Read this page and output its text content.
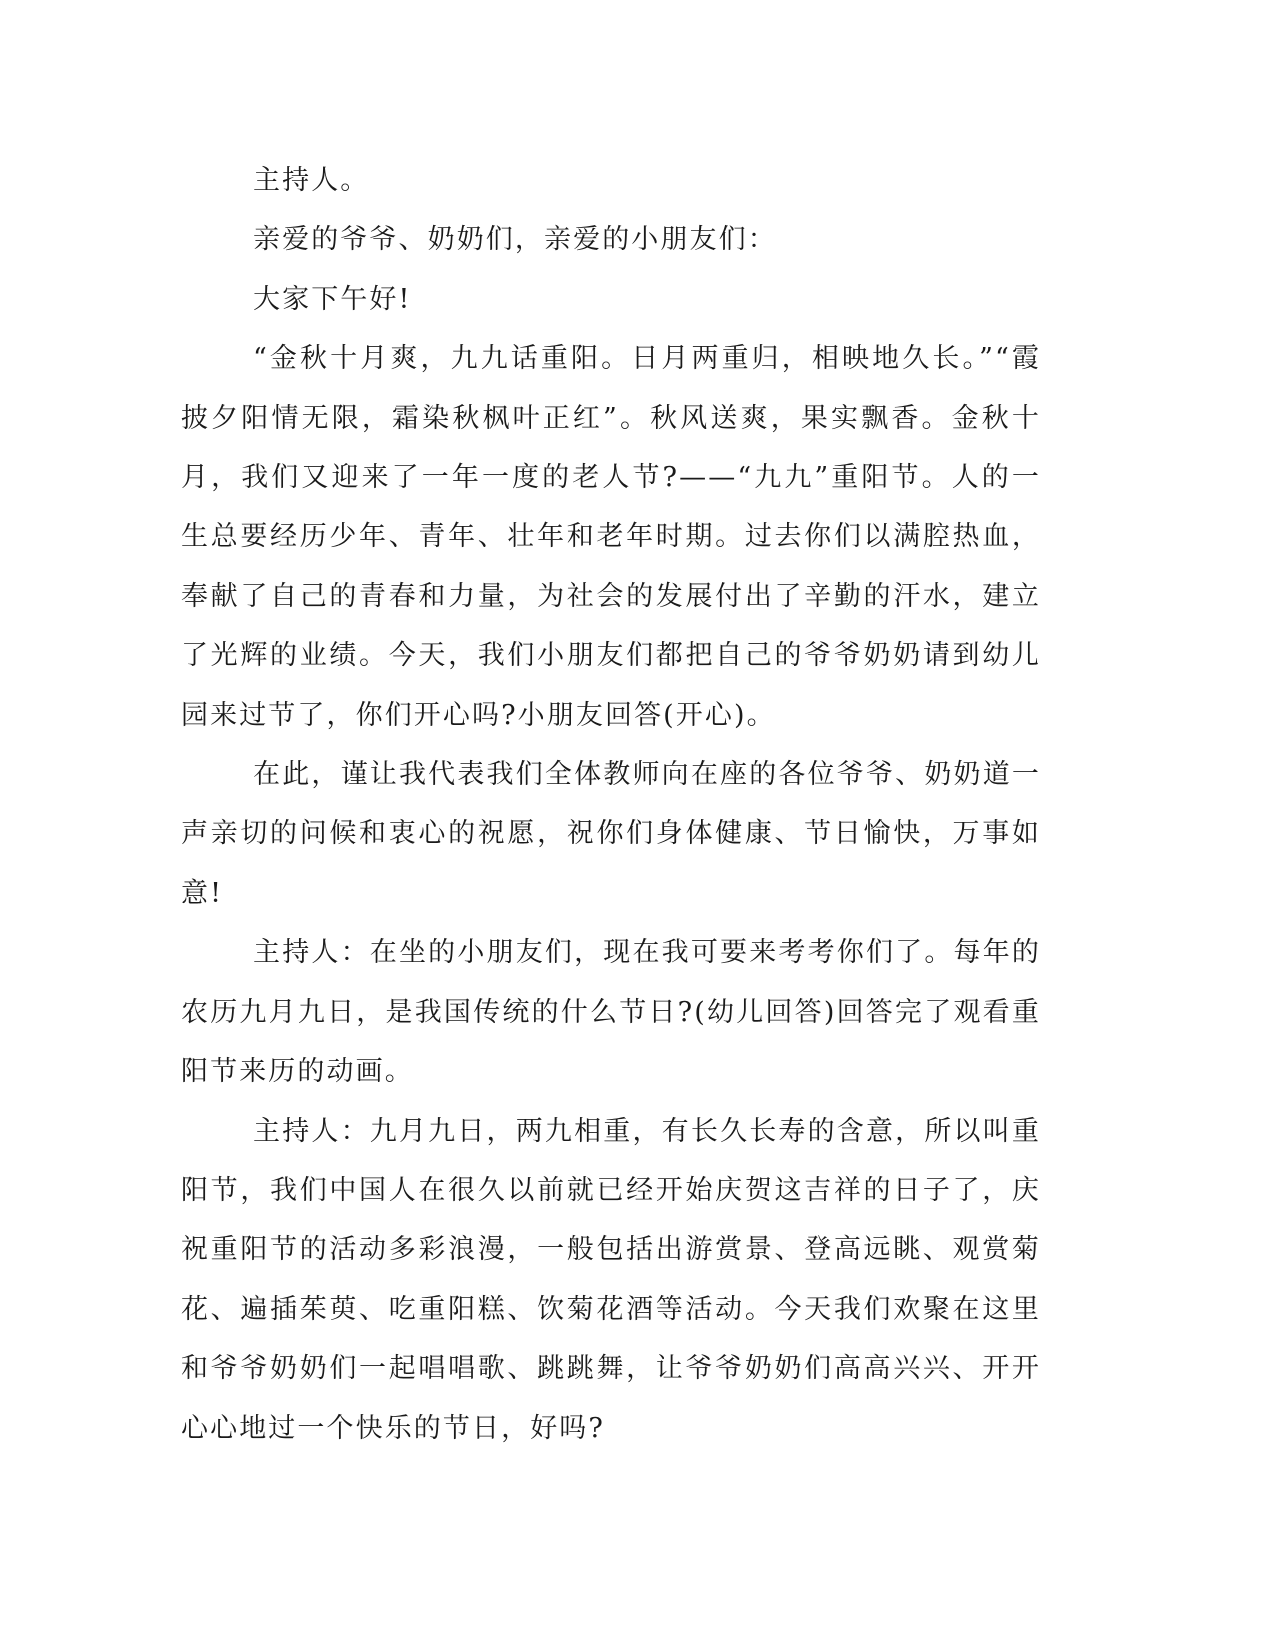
主持人。

亲爱的爷爷、奶奶们，亲爱的小朋友们：

大家下午好!

“金秋十月爽，九九话重阳。日月两重归，相映地久长。”“霞披夕阳情无限，霜染秋枫叶正红”。秋风送爽，果实飘香。金秋十月，我们又迎来了一年一度的老人节?——“九九”重阳节。人的一生总要经历少年、青年、壮年和老年时期。过去你们以满腔热血，奉献了自己的青春和力量，为社会的发展付出了辛勤的汗水，建立了光辉的业绩。今天，我们小朋友们都把自己的爷爷奶奶请到幼儿园来过节了，你们开心吗?小朋友回答(开心)。

在此，谨让我代表我们全体教师向在座的各位爷爷、奶奶道一声亲切的问候和衷心的祝愿，祝你们身体健康、节日愉快，万事如意!

主持人：在坐的小朋友们，现在我可要来考考你们了。每年的农历九月九日，是我国传统的什么节日?(幼儿回答)回答完了观看重阳节来历的动画。

主持人：九月九日，两九相重，有长久长寿的含意，所以叫重阳节，我们中国人在很久以前就已经开始庆贺这吉祥的日子了，庆祝重阳节的活动多彩浪漫，一般包括出游赏景、登高远眺、观赏菊花、遍插茱萸、吃重阳糕、饮菊花酒等活动。今天我们欢聚在这里和爷爷奶奶们一起唱唱歌、跳跳舞，让爷爷奶奶们高高兴兴、开开心心地过一个快乐的节日，好吗?
